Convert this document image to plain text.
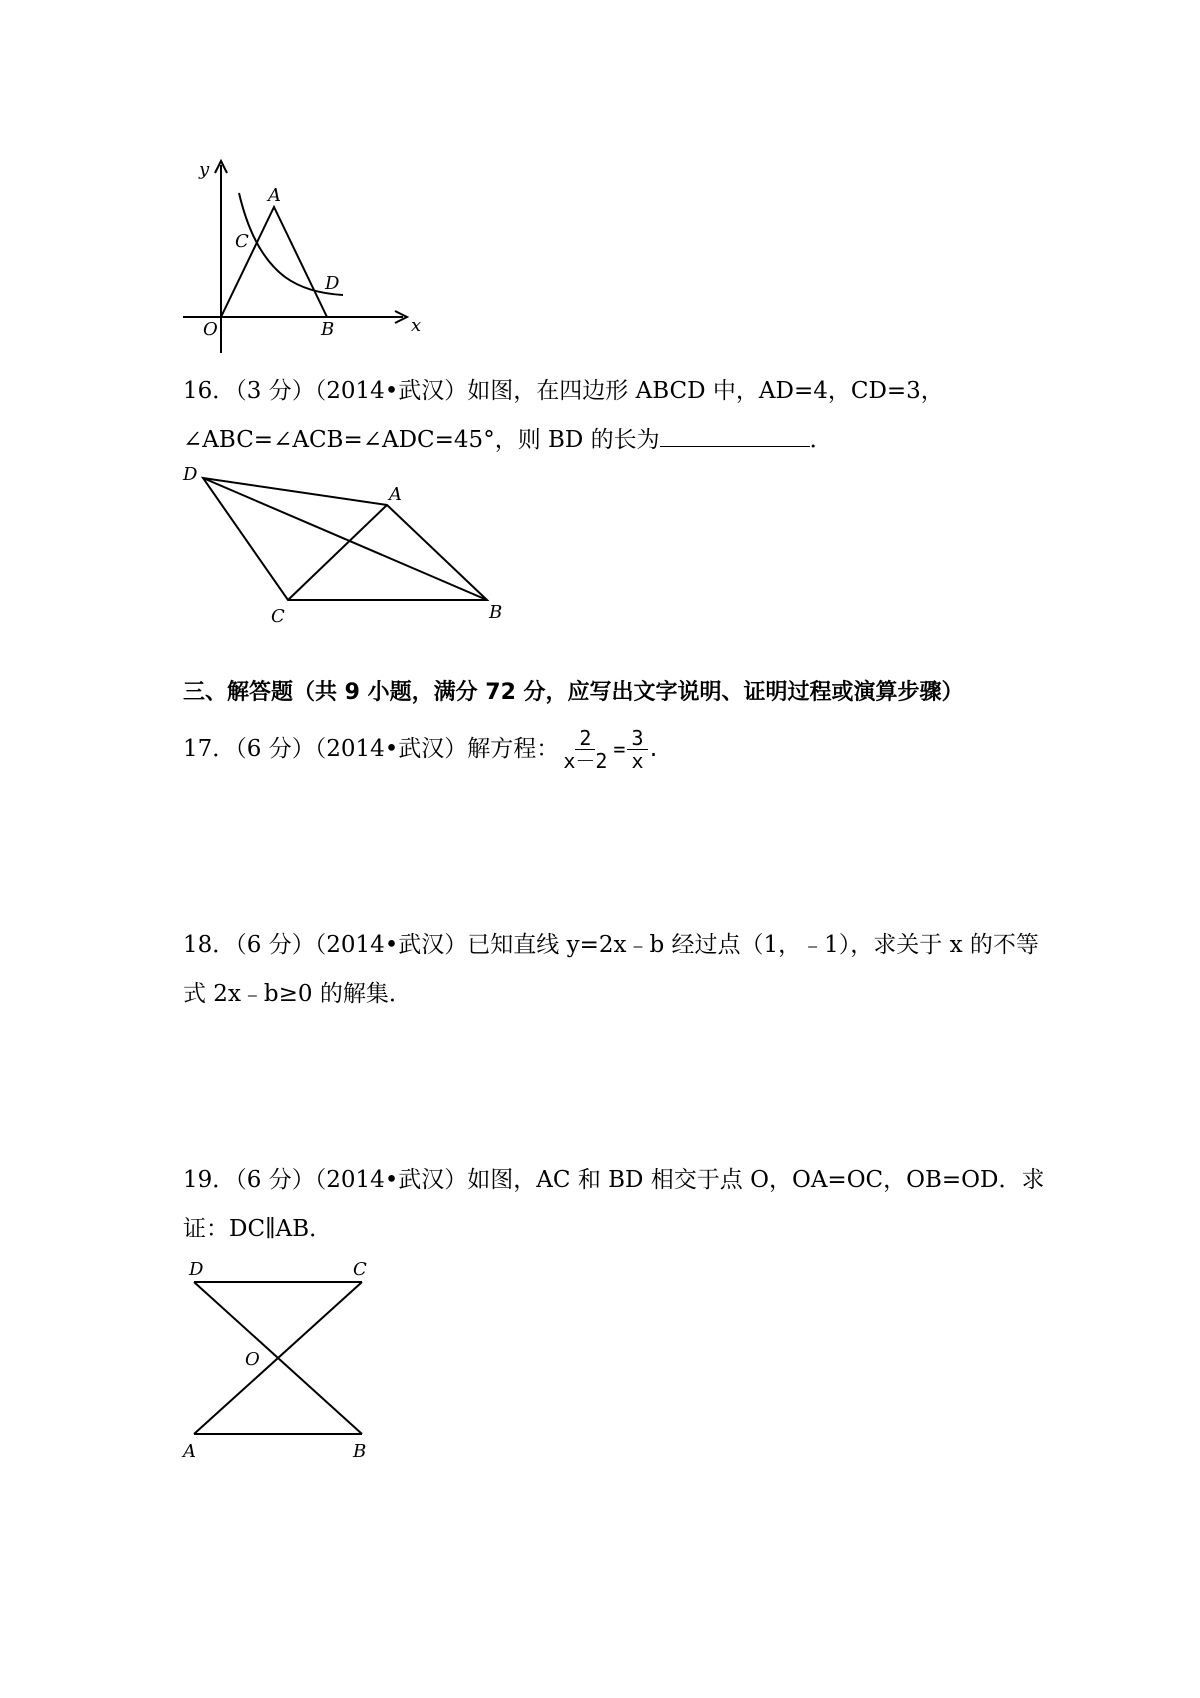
y
x
O
A
B
C
D
16．（3 分）（2014•武汉）如图，在四边形 ABCD 中，AD=4，CD=3，
∠ABC=∠ACB=∠ADC=45°，则 BD 的长为	．
D
A
C	B
三、解答题（共 9 小题，满分 72 分，应写出文字说明、证明过程或演算步骤）
17．（6 分）（2014•武汉）解方程： $\frac{2}{x-2} = \frac{3}{x}$ .
18．（6 分）（2014•武汉）已知直线 y=2x﹣b 经过点（1，﹣1），求关于 x 的不等
式 2x﹣b≥0 的解集．
19．（6 分）（2014•武汉）如图，AC 和 BD 相交于点 O，OA=OC，OB=OD．求
证：DC∥AB．
D	C
O
A	B
